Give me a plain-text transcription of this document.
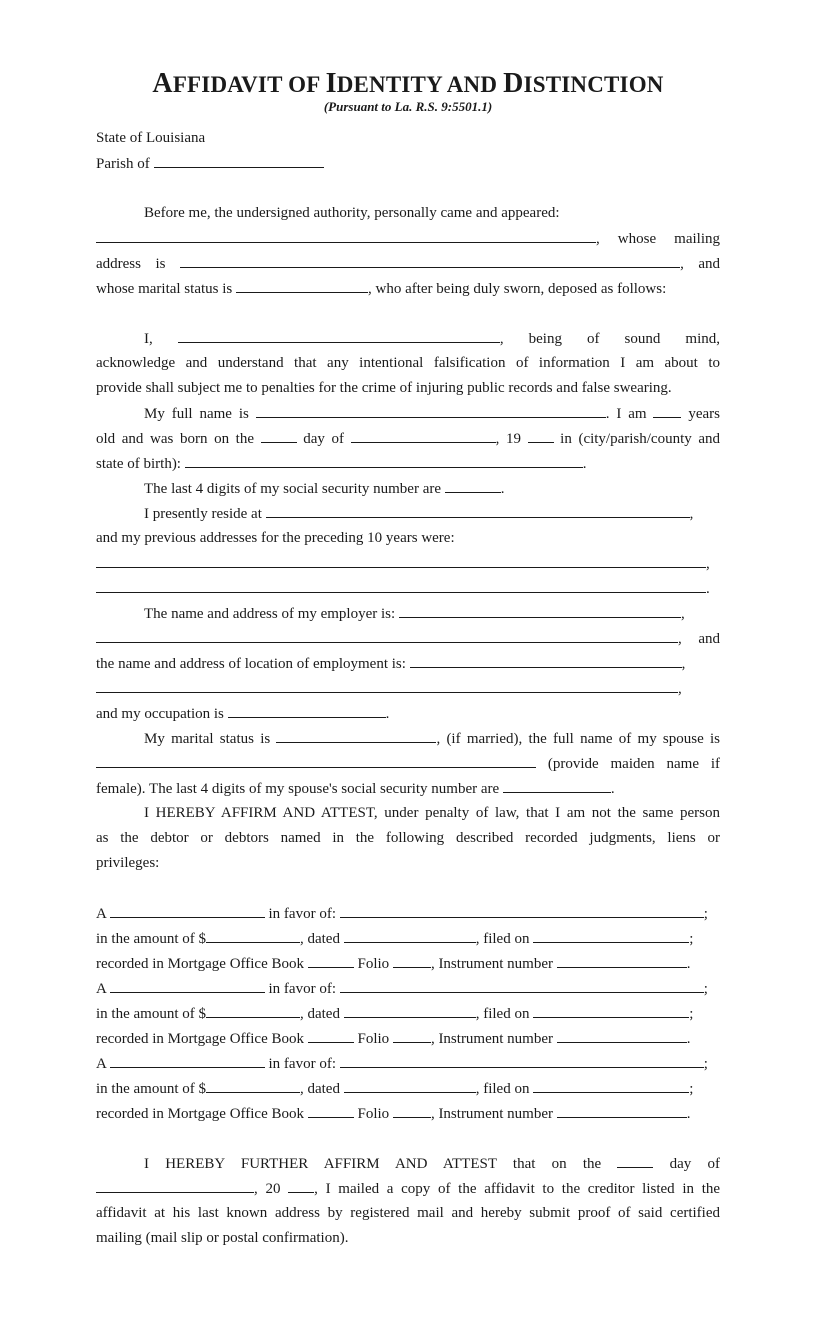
AFFIDAVIT OF IDENTITY AND DISTINCTION
(Pursuant to La. R.S. 9:5501.1)
State of Louisiana
Parish of
Before me, the undersigned authority, personally came and appeared:
, whose mailing
address is	, and
whose marital status is	, who after being duly sworn, deposed as follows:
I,	, being of sound mind,
acknowledge and understand that any intentional falsification of information I am about to
provide shall subject me to penalties for the crime of injuring public records and false swearing.
My full name is	. I am	years
old and was born on the	day of	, 19	in (city/parish/county and
state of birth):	.
The last 4 digits of my social security number are	.
I presently reside at	,
and my previous addresses for the preceding 10 years were:
,
.
The name and address of my employer is:	,
, and
the name and address of location of employment is:	,
,
and my occupation is	.
My marital status is	, (if married), the full name of my spouse is
(provide maiden name if
female). The last 4 digits of my spouse's social security number are	.
I HEREBY AFFIRM AND ATTEST, under penalty of law, that I am not the same person
as the debtor or debtors named in the following described recorded judgments, liens or
privileges:
A	in favor of:	;
in the amount of $	, dated	, filed on	;
recorded in Mortgage Office Book	Folio	, Instrument number	.
A	in favor of:	;
in the amount of $	, dated	, filed on	;
recorded in Mortgage Office Book	Folio	, Instrument number	.
A	in favor of:	;
in the amount of $	, dated	, filed on	;
recorded in Mortgage Office Book	Folio	, Instrument number	.
I HEREBY FURTHER AFFIRM AND ATTEST that on the	day of
, 20 , I mailed a copy of the affidavit to the creditor listed in the
affidavit at his last known address by registered mail and hereby submit proof of said certified
mailing (mail slip or postal confirmation).
